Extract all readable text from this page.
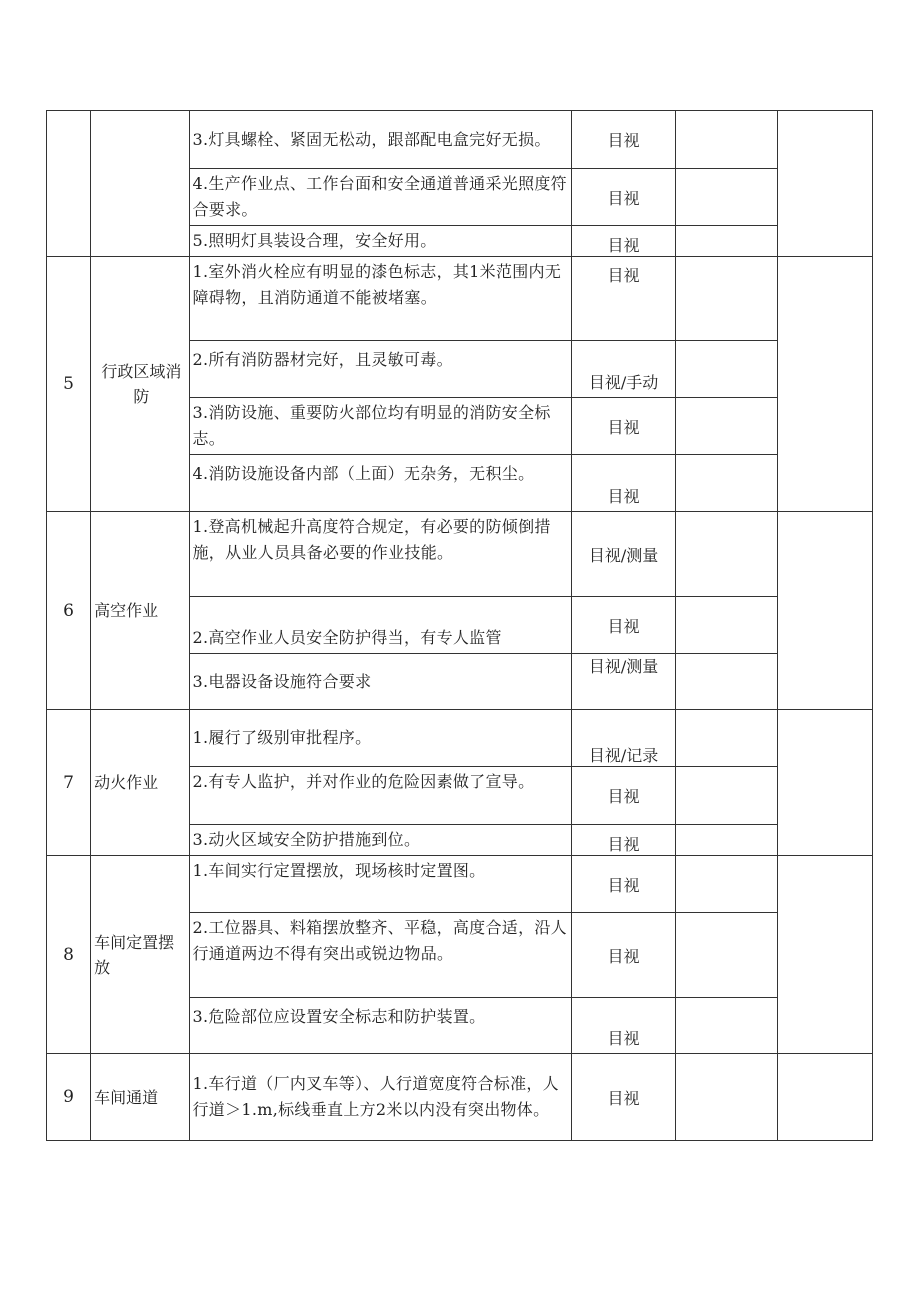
		3.灯具螺栓、紧固无松动，跟部配电盒完好无损。	目视		
		4.生产作业点、工作台面和安全通道普通采光照度符合要求。	目视		
		5.照明灯具装设合理，安全好用。	目视		
5	行政区域消防	1.室外消火栓应有明显的漆色标志，其1米范围内无障碍物，且消防通道不能被堵塞。	目视		
		2.所有消防器材完好，且灵敏可毒。	目视/手动		
		3.消防设施、重要防火部位均有明显的消防安全标志。	目视		
		4.消防设施设备内部（上面）无杂务，无积尘。	目视		
6	高空作业	1.登高机械起升高度符合规定，有必要的防倾倒措施，从业人员具备必要的作业技能。	目视/测量		
		2.高空作业人员安全防护得当，有专人监管	目视		
		3.电器设备设施符合要求	目视/测量		
7	动火作业	1.履行了级别审批程序。	目视/记录		
		2.有专人监护，并对作业的危险因素做了宣导。	目视		
		3.动火区域安全防护措施到位。	目视		
8	车间定置摆放	1.车间实行定置摆放，现场核时定置图。	目视		
		2.工位器具、料箱摆放整齐、平稳，高度合适，沿人行通道两边不得有突出或锐边物品。	目视		
		3.危险部位应设置安全标志和防护装置。	目视		
9	车间通道	1.车行道（厂内叉车等）、人行道宽度符合标准，人行道＞1.m,标线垂直上方2米以内没有突出物体。	目视		
